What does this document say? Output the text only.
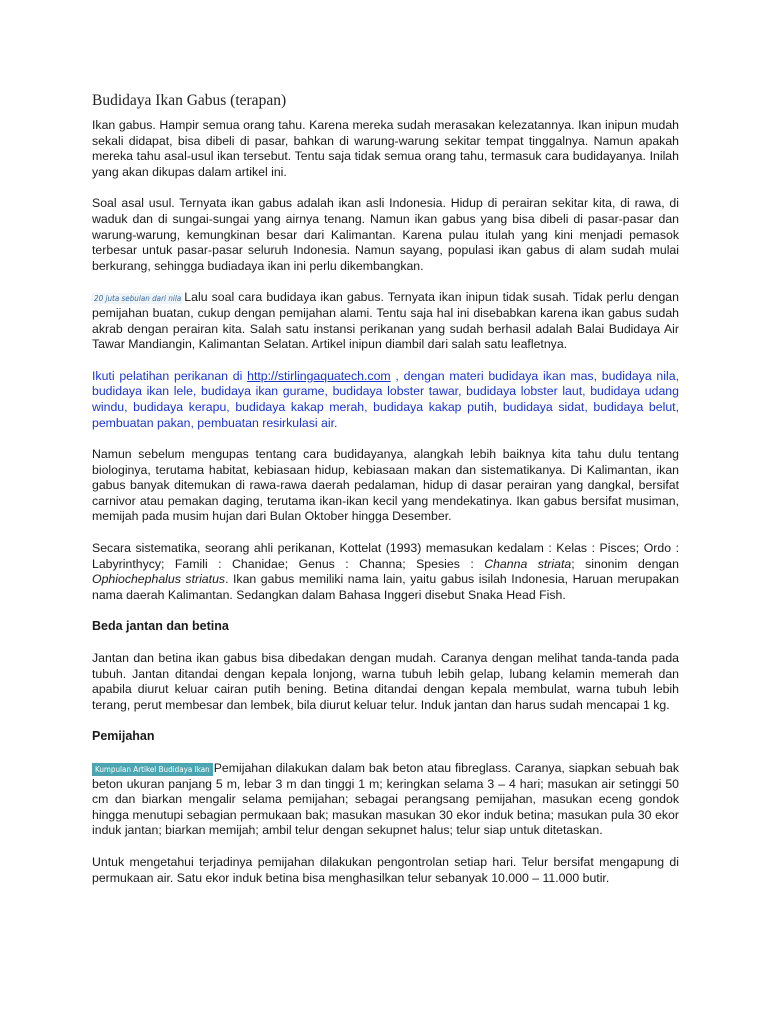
Budidaya Ikan Gabus (terapan)

Ikan gabus. Hampir semua orang tahu. Karena mereka sudah merasakan kelezatannya. Ikan inipun mudah sekali didapat, bisa dibeli di pasar, bahkan di warung-warung sekitar tempat tinggalnya. Namun apakah mereka tahu asal-usul ikan tersebut. Tentu saja tidak semua orang tahu, termasuk cara budidayanya. Inilah yang akan dikupas dalam artikel ini.

Soal asal usul. Ternyata ikan gabus adalah ikan asli Indonesia. Hidup di perairan sekitar kita, di rawa, di waduk dan di sungai-sungai yang airnya tenang. Namun ikan gabus yang bisa dibeli di pasar-pasar dan warung-warung, kemungkinan besar dari Kalimantan. Karena pulau itulah yang kini menjadi pemasok terbesar untuk pasar-pasar seluruh Indonesia. Namun sayang, populasi ikan gabus di alam sudah mulai berkurang, sehingga budiadaya ikan ini perlu dikembangkan.

20 juta sebulan dari nila Lalu soal cara budidaya ikan gabus. Ternyata ikan inipun tidak susah. Tidak perlu dengan pemijahan buatan, cukup dengan pemijahan alami. Tentu saja hal ini disebabkan karena ikan gabus sudah akrab dengan perairan kita. Salah satu instansi perikanan yang sudah berhasil adalah Balai Budidaya Air Tawar Mandiangin, Kalimantan Selatan. Artikel inipun diambil dari salah satu leafletnya.

Ikuti pelatihan perikanan di http://stirlingaquatech.com , dengan materi budidaya ikan mas, budidaya nila, budidaya ikan lele, budidaya ikan gurame, budidaya lobster tawar, budidaya lobster laut, budidaya udang windu, budidaya kerapu, budidaya kakap merah, budidaya kakap putih, budidaya sidat, budidaya belut, pembuatan pakan, pembuatan resirkulasi air.

Namun sebelum mengupas tentang cara budidayanya, alangkah lebih baiknya kita tahu dulu tentang biologinya, terutama habitat, kebiasaan hidup, kebiasaan makan dan sistematikanya. Di Kalimantan, ikan gabus banyak ditemukan di rawa-rawa daerah pedalaman, hidup di dasar perairan yang dangkal, bersifat carnivor atau pemakan daging, terutama ikan-ikan kecil yang mendekatinya. Ikan gabus bersifat musiman, memijah pada musim hujan dari Bulan Oktober hingga Desember.

Secara sistematika, seorang ahli perikanan, Kottelat (1993) memasukan kedalam : Kelas : Pisces; Ordo : Labyrinthycy; Famili : Chanidae; Genus : Channa; Spesies : Channa striata; sinonim dengan Ophiochephalus striatus. Ikan gabus memiliki nama lain, yaitu gabus isilah Indonesia, Haruan merupakan nama daerah Kalimantan. Sedangkan dalam Bahasa Inggeri disebut Snaka Head Fish.

Beda jantan dan betina

Jantan dan betina ikan gabus bisa dibedakan dengan mudah. Caranya dengan melihat tanda-tanda pada tubuh. Jantan ditandai dengan kepala lonjong, warna tubuh lebih gelap, lubang kelamin memerah dan apabila diurut keluar cairan putih bening. Betina ditandai dengan kepala membulat, warna tubuh lebih terang, perut membesar dan lembek, bila diurut keluar telur. Induk jantan dan harus sudah mencapai 1 kg.

Pemijahan

Kumpulan Artikel Budidaya Ikan Pemijahan dilakukan dalam bak beton atau fibreglass. Caranya, siapkan sebuah bak beton ukuran panjang 5 m, lebar 3 m dan tinggi 1 m; keringkan selama 3 – 4 hari; masukan air setinggi 50 cm dan biarkan mengalir selama pemijahan; sebagai perangsang pemijahan, masukan eceng gondok hingga menutupi sebagian permukaan bak; masukan masukan 30 ekor induk betina; masukan pula 30 ekor induk jantan; biarkan memijah; ambil telur dengan sekupnet halus; telur siap untuk ditetaskan.

Untuk mengetahui terjadinya pemijahan dilakukan pengontrolan setiap hari. Telur bersifat mengapung di permukaan air. Satu ekor induk betina bisa menghasilkan telur sebanyak 10.000 – 11.000 butir.
